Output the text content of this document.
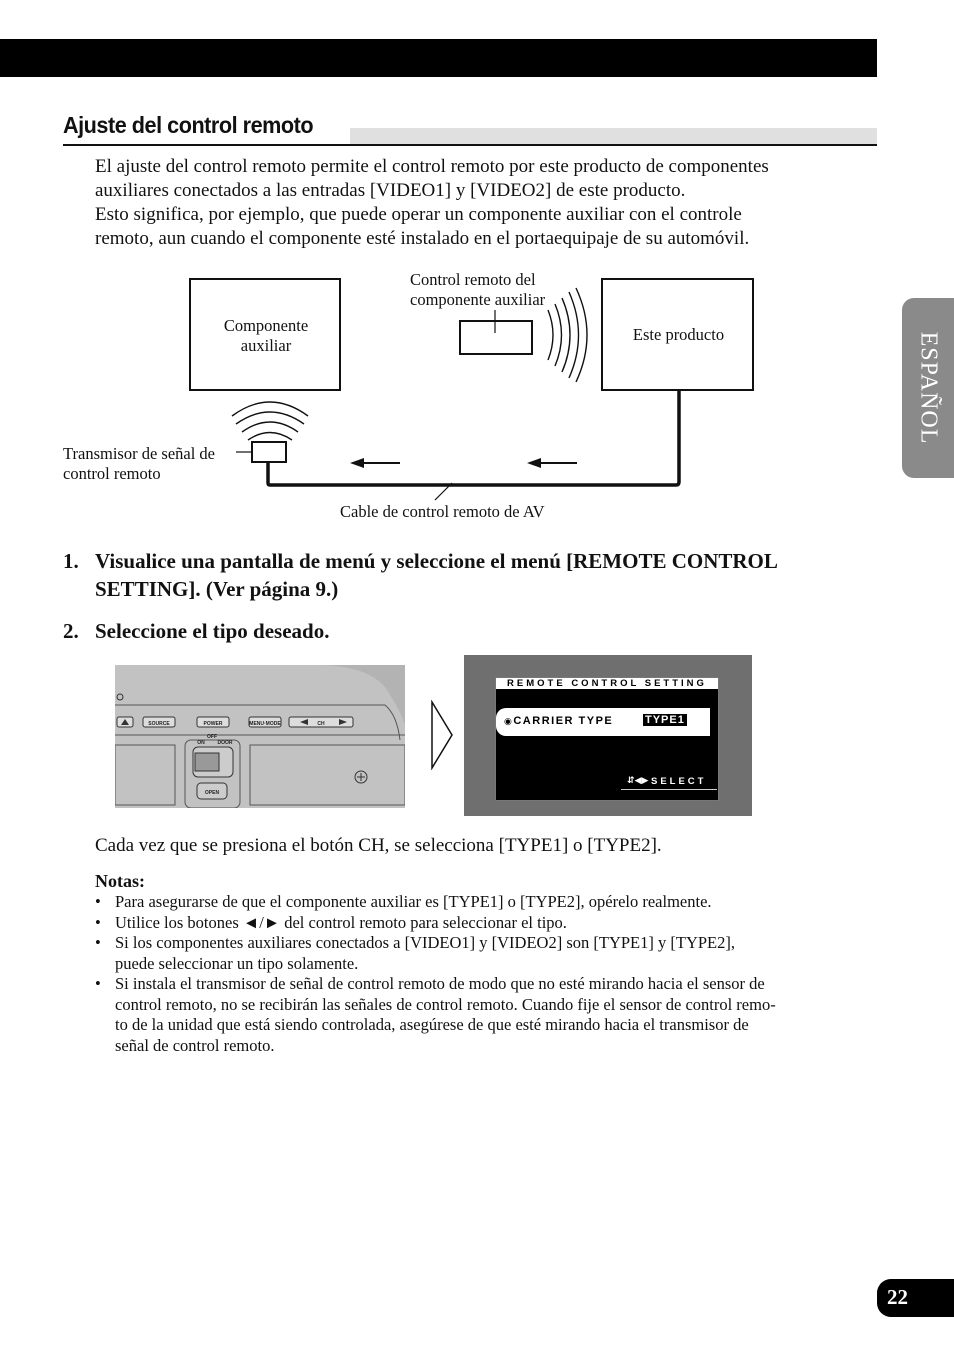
Ajuste del control remoto
El ajuste del control remoto permite el control remoto por este producto de componentes
auxiliares conectados a las entradas [VIDEO1] y [VIDEO2] de este producto.
Esto significa, por ejemplo, que puede operar un componente auxiliar con el controle
remoto, aun cuando el componente esté instalado en el portaequipaje de su automóvil.
ESPAÑOL
Componente
auxiliar
Control remoto del
componente auxiliar
Este producto
Transmisor de señal de
control remoto
Cable de control remoto de AV
1. Visualice una pantalla de menú y seleccione el menú [REMOTE CONTROL
SETTING]. (Ver página 9.)
2. Seleccione el tipo deseado.
SOURCE	POWER	MENU·MODE	CH
OFF
ON	DOOR
OPEN
REMOTE CONTROL SETTING
◉CARRIER TYPE	TYPE1
⇵◀▶ SELECT
Cada vez que se presiona el botón CH, se selecciona [TYPE1] o [TYPE2].
Notas:
• Para asegurarse de que el componente auxiliar es [TYPE1] o [TYPE2], opérelo realmente.
• Utilice los botones ◄/► del control remoto para seleccionar el tipo.
• Si los componentes auxiliares conectados a [VIDEO1] y [VIDEO2] son [TYPE1] y [TYPE2],
puede seleccionar un tipo solamente.
• Si instala el transmisor de señal de control remoto de modo que no esté mirando hacia el sensor de
control remoto, no se recibirán las señales de control remoto. Cuando fije el sensor de control remo-
to de la unidad que está siendo controlada, asegúrese de que esté mirando hacia el transmisor de
señal de control remoto.
22
